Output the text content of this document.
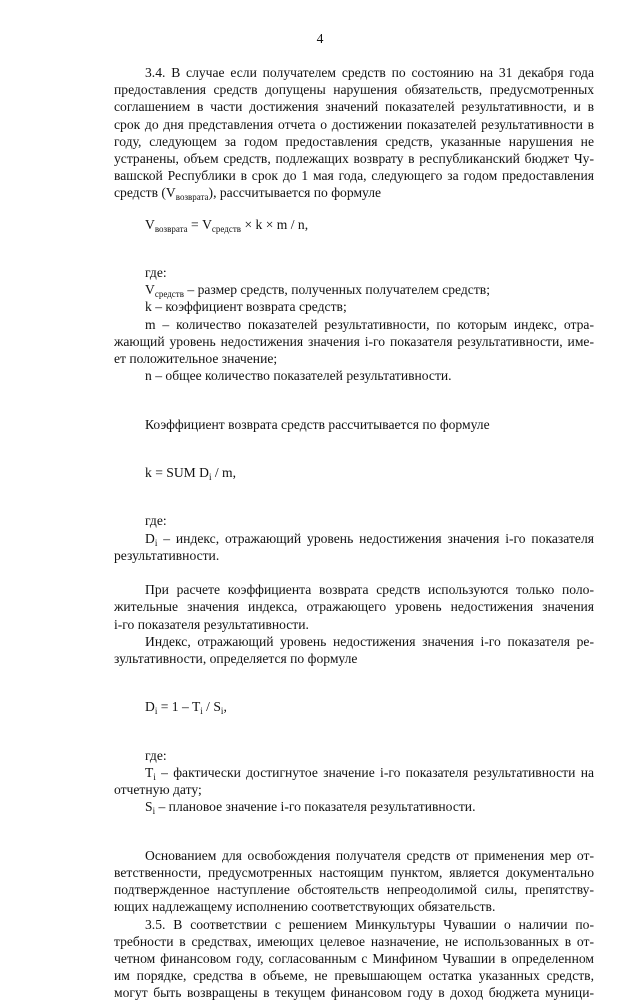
4

3.4. В случае если получателем средств по состоянию на 31 декабря года

предоставления средств допущены нарушения обязательств, предусмотренных

соглашением в части достижения значений показателей результативности, и в

срок до дня представления отчета о достижении показателей результативности в

году, следующем за годом предоставления средств, указанные нарушения не

устранены, объем средств, подлежащих возврату в республиканский бюджет Чу-

вашской Республики в срок до 1 мая года, следующего за годом предоставления

средств $(V_{возврата})$, рассчитывается по формуле

$V_{возврата} = V_{средств} \times k \times m / n$,

где:

$V_{средств}$ – размер средств, полученных получателем средств;

k – коэффициент возврата средств;

m – количество показателей результативности, по которым индекс, отра-

жающий уровень недостижения значения i-го показателя результативности, име-

ет положительное значение;

n – общее количество показателей результативности.

Коэффициент возврата средств рассчитывается по формуле

k = SUM $D_i$ / m,

где:

$D_i$ – индекс, отражающий уровень недостижения значения i-го показателя

результативности.

При расчете коэффициента возврата средств используются только поло-

жительные значения индекса, отражающего уровень недостижения значения

i-го показателя результативности.

Индекс, отражающий уровень недостижения значения i-го показателя ре-

зультативности, определяется по формуле

$D_i = 1 - T_i / S_i$,

где:

$T_i$ – фактически достигнутое значение i-го показателя результативности на

отчетную дату;

$S_i$ – плановое значение i-го показателя результативности.

Основанием для освобождения получателя средств от применения мер от-

ветственности, предусмотренных настоящим пунктом, является документально

подтвержденное наступление обстоятельств непреодолимой силы, препятству-

ющих надлежащему исполнению соответствующих обязательств.

3.5. В соответствии с решением Минкультуры Чувашии о наличии по-

требности в средствах, имеющих целевое назначение, не использованных в от-

четном финансовом году, согласованным с Минфином Чувашии в определенном

им порядке, средства в объеме, не превышающем остатка указанных средств,

могут быть возвращены в текущем финансовом году в доход бюджета муници-
